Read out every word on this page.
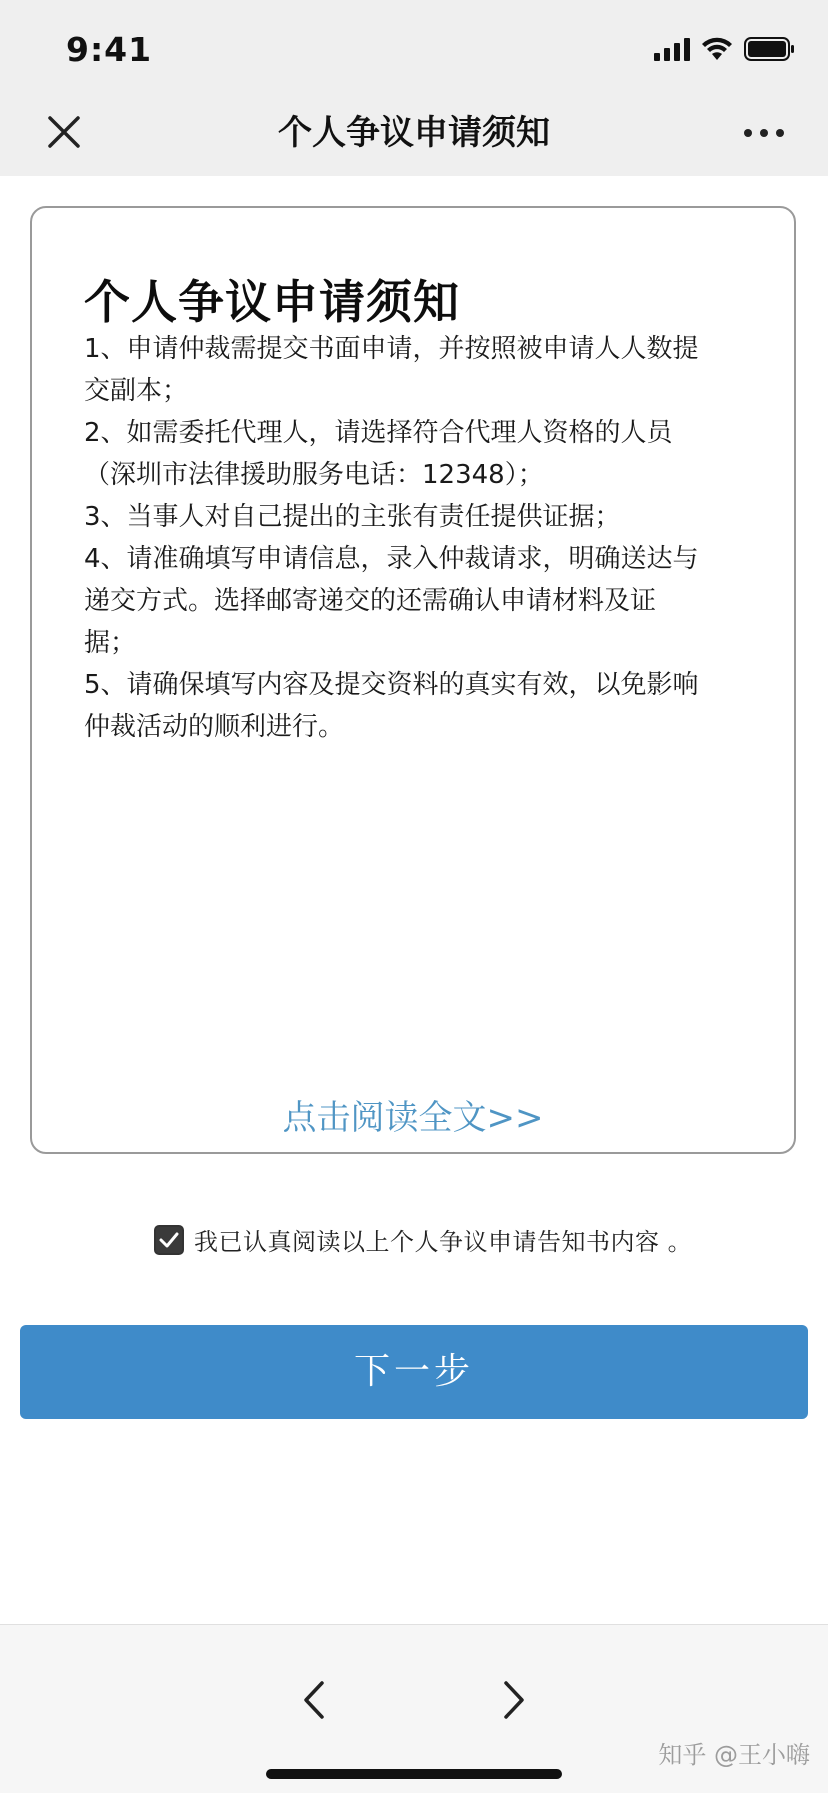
9:41
个人争议申请须知
个人争议申请须知
1、申请仲裁需提交书面申请，并按照被申请人人数提
交副本；
2、如需委托代理人，请选择符合代理人资格的人员
（深圳市法律援助服务电话：12348）；
3、当事人对自己提出的主张有责任提供证据；
4、请准确填写申请信息，录入仲裁请求，明确送达与
递交方式。选择邮寄递交的还需确认申请材料及证
据；
5、请确保填写内容及提交资料的真实有效，以免影响
仲裁活动的顺利进行。
点击阅读全文>>
我已认真阅读以上个人争议申请告知书内容 。
下一步
知乎 @王小嗨
